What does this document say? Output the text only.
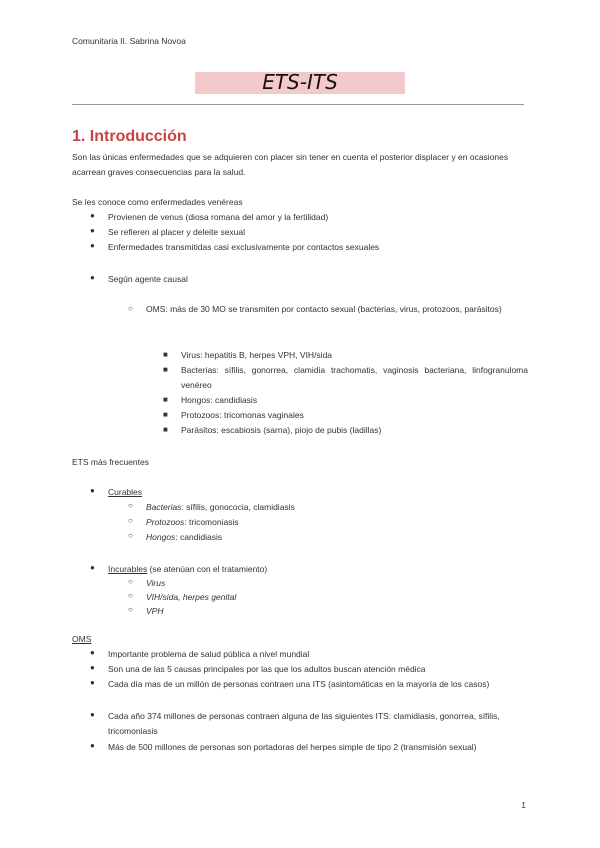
Comunitaria II. Sabrina Novoa
ETS-ITS
1. Introducción
Son las únicas enfermedades que se adquieren con placer sin tener en cuenta el posterior displacer y en ocasiones acarrean graves consecuencias para la salud.
Se les conoce como enfermedades venéreas
● Provienen de venus (diosa romana del amor y la fertilidad)
● Se refieren al placer y deleite sexual
● Enfermedades transmitidas casi exclusivamente por contactos sexuales
● Según agente causal
○ OMS: más de 30 MO se transmiten por contacto sexual (bacterias, virus, protozoos, parásitos)
■ Virus: hepatitis B, herpes VPH, VIH/sida
■ Bacterias: sífilis, gonorrea, clamidia trachomatis, vaginosis bacteriana, linfogranuloma venéreo
■ Hongos: candidiasis
■ Protozoos: tricomonas vaginales
■ Parásitos: escabiosis (sarna), piojo de pubis (ladillas)
ETS más frecuentes
● Curables
○ Bacterias: sífilis, gonococia, clamidiasis
○ Protozoos: tricomoniasis
○ Hongos: candidiasis
● Incurables (se atenúan con el tratamiento)
○ Virus
○ VIH/sida, herpes genital
○ VPH
OMS
● Importante problema de salud pública a nivel mundial
● Son una de las 5 causas principales por las que los adultos buscan atención médica
● Cada día mas de un millón de personas contraen una ITS (asintomáticas en la mayoría de los casos)
● Cada año 374 millones de personas contraen alguna de las siguientes ITS: clamidiasis, gonorrea, sífilis, tricomoniasis
● Más de 500 millones de personas son portadoras del herpes simple de tipo 2 (transmisión sexual)
1
